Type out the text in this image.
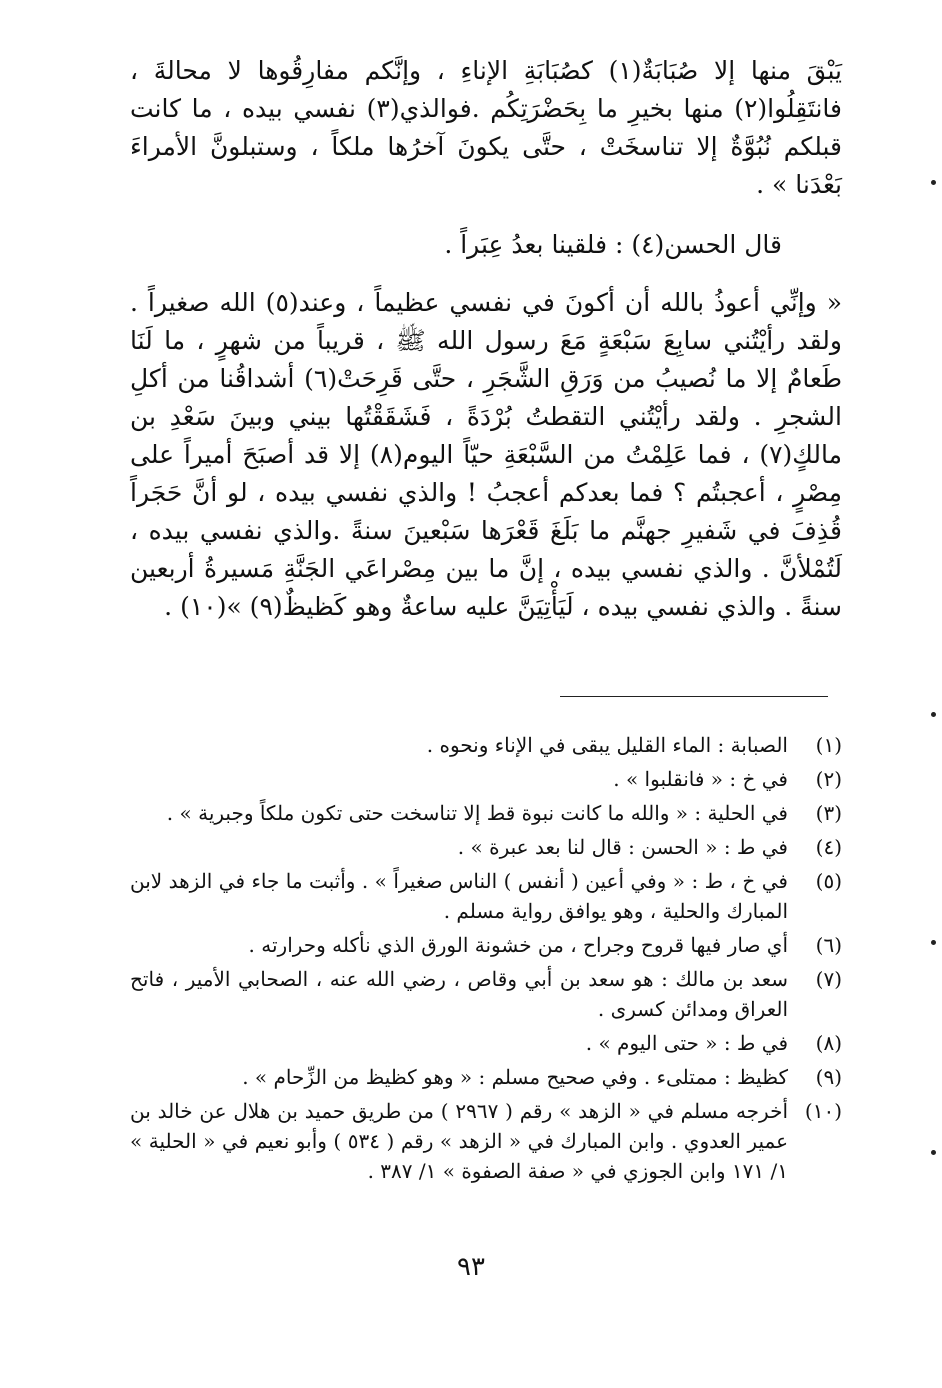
يَبْقَ منها إلا صُبَابَةٌ(١) كصُبَابَةِ الإناءِ ، وإنَّكم مفارِقُوها لا محالةَ ، فانتَقِلُوا(٢) منها بخيرِ ما بِحَضْرَتِكُم .فوالذي(٣) نفسي بيده ، ما كانت قبلكم نُبُوَّةٌ إلا تناسخَتْ ، حتَّى يكونَ آخرُها ملكاً ، وستبلونَّ الأمراءَ بَعْدَنا » .

قال الحسن(٤) : فلقينا بعدُ عِبَراً .

« وإنِّي أعوذُ بالله أن أكونَ في نفسي عظيماً ، وعند(٥) الله صغيراً . ولقد رأيْتُني سابِعَ سَبْعَةٍ مَعَ رسول الله ﷺ ، قريباً من شهرٍ ، ما لَنَا طَعامٌ إلا ما نُصيبُ من وَرَقِ الشَّجَرِ ، حتَّى قَرِحَتْ(٦) أشداقُنا من أكلِ الشجرِ . ولقد رأيْتُني التقطتُ بُرْدَةً ، فَشَقَقْتُها بيني وبينَ سَعْدِ بن مالكٍ(٧) ، فما عَلِمْتُ من السَّبْعَةِ حيّاً اليوم(٨) إلا قد أصبَحَ أميراً على مِصْرٍ ، أعجبتُم ؟ فما بعدكم أعجبُ ! والذي نفسي بيده ، لو أنَّ حَجَراً قُذِفَ في شَفيرِ جهنَّم ما بَلَغَ قَعْرَها سَبْعينَ سنةً .والذي نفسي بيده ، لَتُمْلأنَّ . والذي نفسي بيده ، إنَّ ما بين مِصْراعَي الجَنَّةِ مَسيرةُ أربعين سنةً . والذي نفسي بيده ، لَيَأْتِيَنَّ عليه ساعةٌ وهو كَظيظٌ(٩) »(١٠) .

(١)
الصبابة : الماء القليل يبقى في الإناء ونحوه .
(٢)
في خ : « فانقلبوا » .
(٣)
في الحلية : « والله ما كانت نبوة قط إلا تناسخت حتى تكون ملكاً وجبرية » .
(٤)
في ط : « الحسن : قال لنا بعد عبرة » .
(٥)
في خ ، ط : « وفي أعين ( أنفس ) الناس صغيراً » . وأثبت ما جاء في الزهد لابن المبارك والحلية ، وهو يوافق رواية مسلم .
(٦)
أي صار فيها قروح وجراح ، من خشونة الورق الذي نأكله وحرارته .
(٧)
سعد بن مالك : هو سعد بن أبي وقاص ، رضي الله عنه ، الصحابي الأمير ، فاتح العراق ومدائن كسرى .
(٨)
في ط : « حتى اليوم » .
(٩)
كظيظ : ممتلىء . وفي صحيح مسلم : « وهو كظيظ من الزِّحام » .
(١٠)
أخرجه مسلم في « الزهد » رقم ( ٢٩٦٧ ) من طريق حميد بن هلال عن خالد بن عمير العدوي . وابن المبارك في « الزهد » رقم ( ٥٣٤ ) وأبو نعيم في « الحلية » ١/ ١٧١ وابن الجوزي في « صفة الصفوة » ١/ ٣٨٧ .
٩٣
